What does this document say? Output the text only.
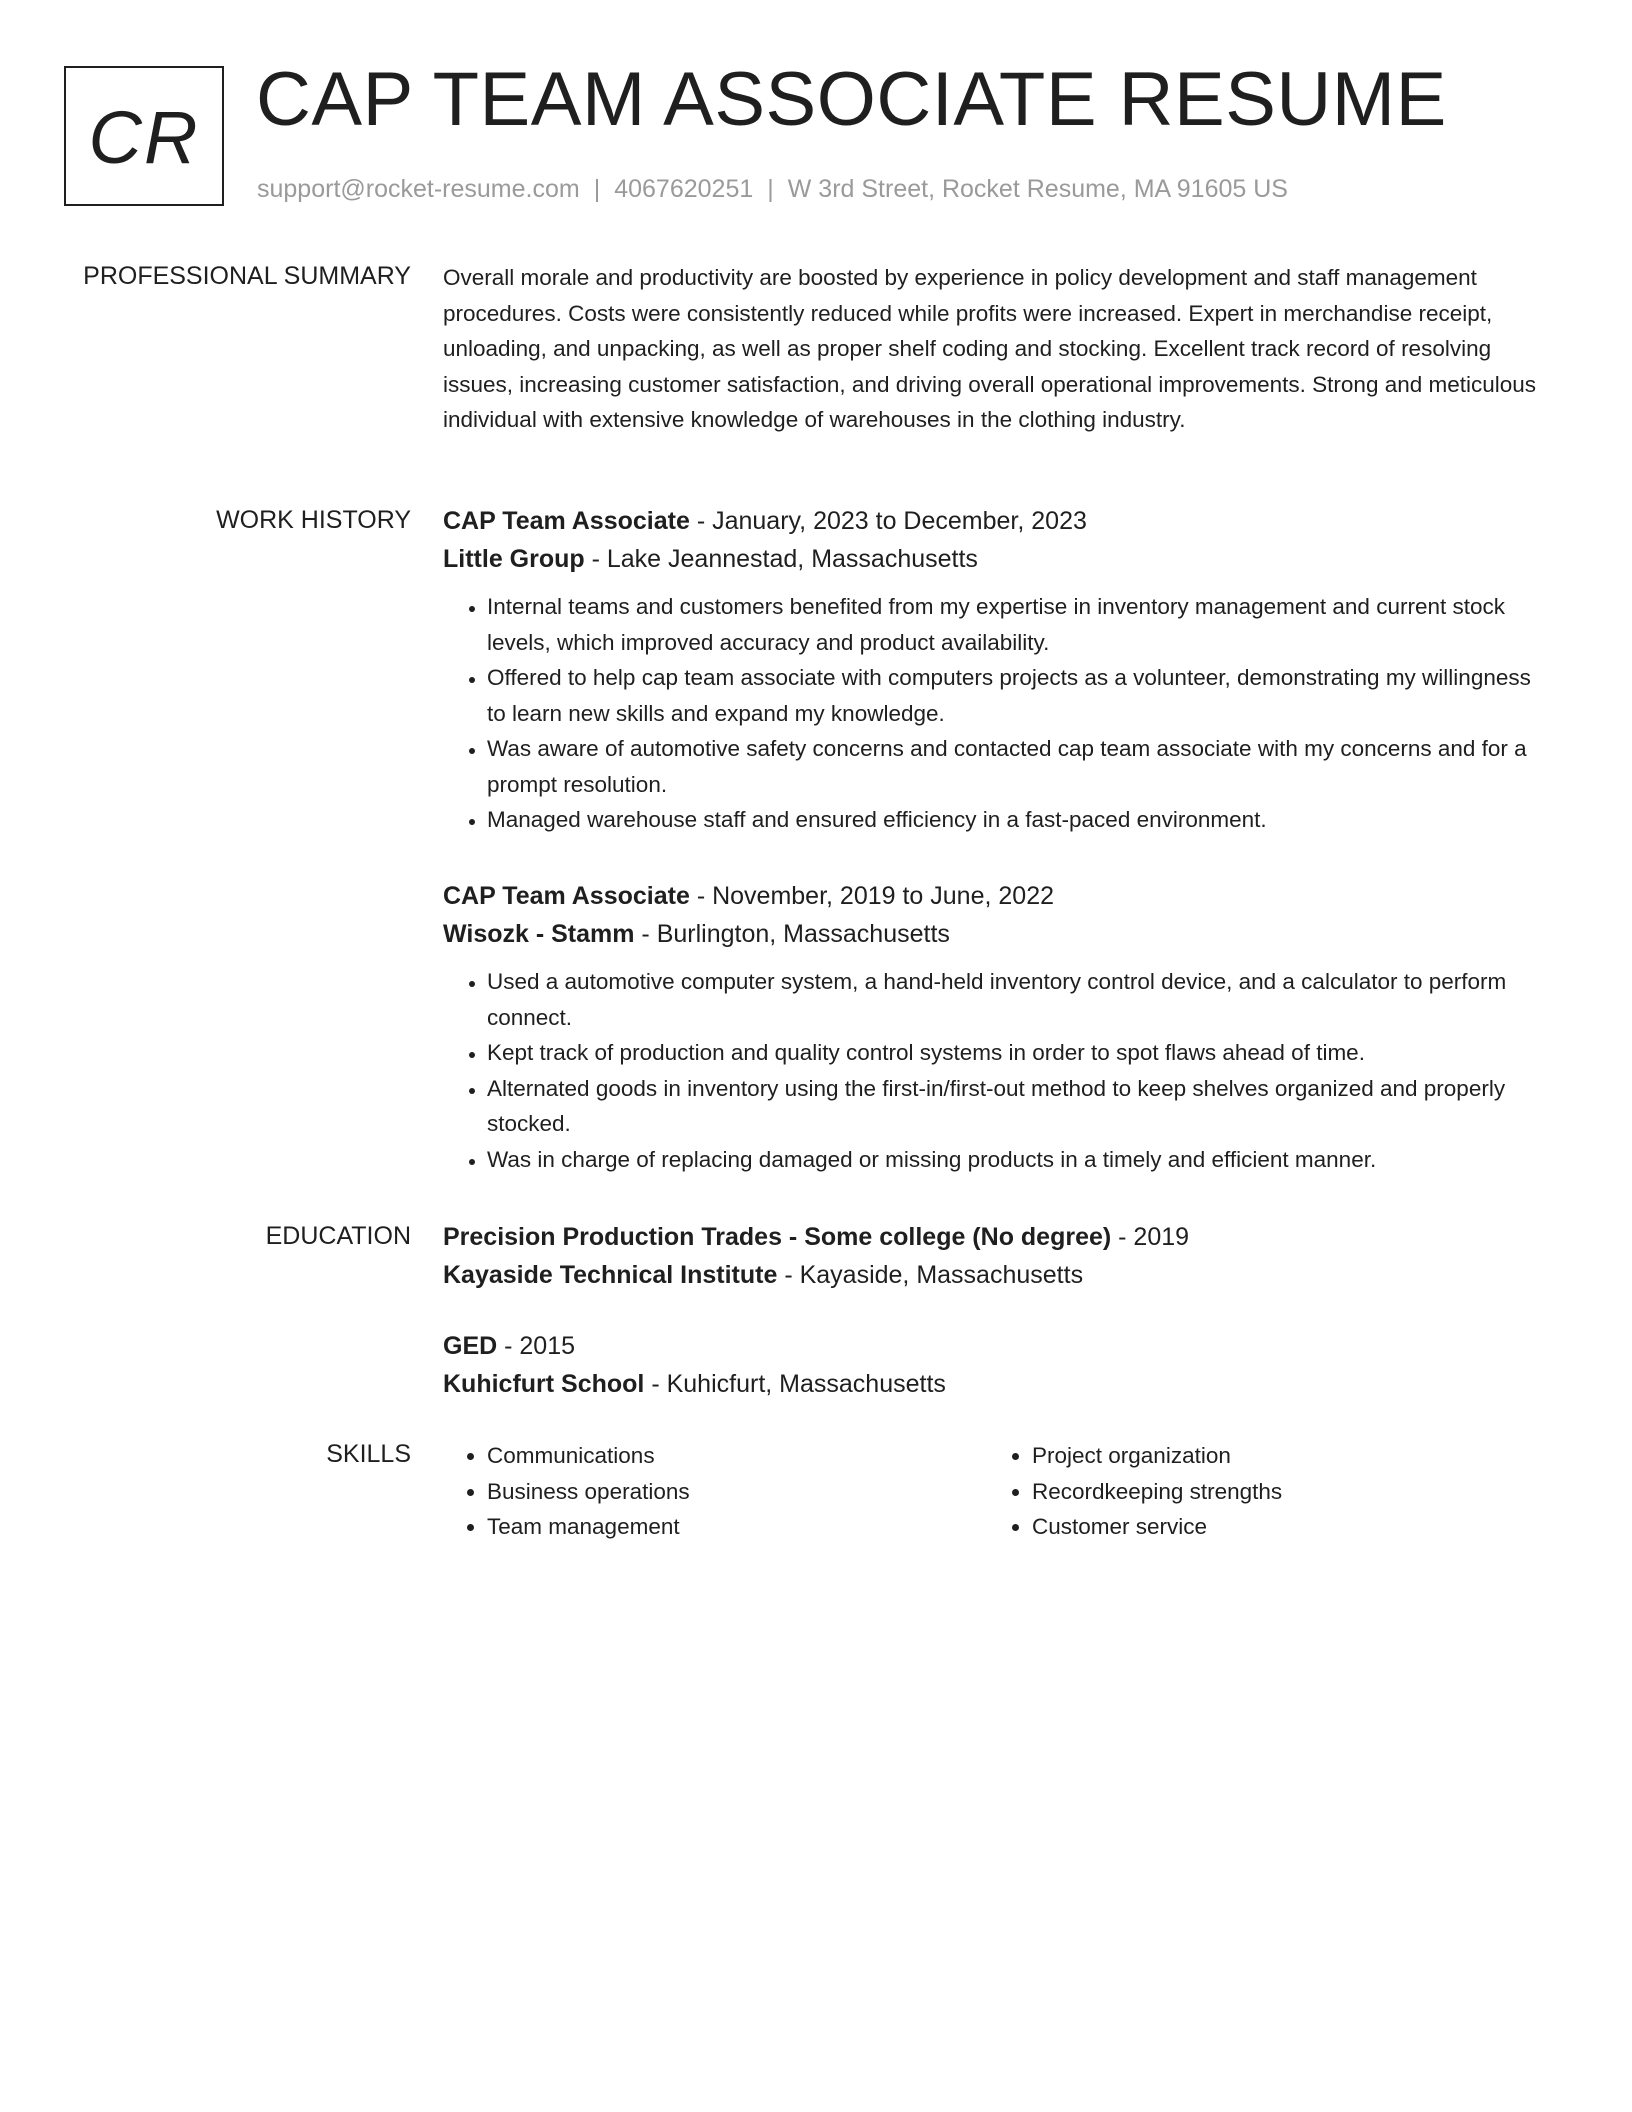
CR CAP TEAM ASSOCIATE RESUME
support@rocket-resume.com | 4067620251 | W 3rd Street, Rocket Resume, MA 91605 US
PROFESSIONAL SUMMARY Overall morale and productivity are boosted by experience in policy development and staff management procedures. Costs were consistently reduced while profits were increased. Expert in merchandise receipt, unloading, and unpacking, as well as proper shelf coding and stocking. Excellent track record of resolving issues, increasing customer satisfaction, and driving overall operational improvements. Strong and meticulous individual with extensive knowledge of warehouses in the clothing industry.

WORK HISTORY CAP Team Associate - January, 2023 to December, 2023

Little Group - Lake Jeannestad, Massachusetts

• Internal teams and customers benefited from my expertise in inventory management and current stock levels, which improved accuracy and product availability.
• Offered to help cap team associate with computers projects as a volunteer, demonstrating my willingness to learn new skills and expand my knowledge.
• Was aware of automotive safety concerns and contacted cap team associate with my concerns and for a prompt resolution.
• Managed warehouse staff and ensured efficiency in a fast-paced environment.

CAP Team Associate - November, 2019 to June, 2022

Wisozk - Stamm - Burlington, Massachusetts

• Used a automotive computer system, a hand-held inventory control device, and a calculator to perform connect.
• Kept track of production and quality control systems in order to spot flaws ahead of time.
• Alternated goods in inventory using the first-in/first-out method to keep shelves organized and properly stocked.
• Was in charge of replacing damaged or missing products in a timely and efficient manner.
EDUCATION Precision Production Trades - Some college (No degree) - 2019

Kayaside Technical Institute - Kayaside, Massachusetts

GED - 2015

Kuhicfurt School - Kuhicfurt, Massachusetts

SKILLS
•	Communications
• Business operations
• Team management
• Project organization
• Recordkeeping strengths
• Customer service
